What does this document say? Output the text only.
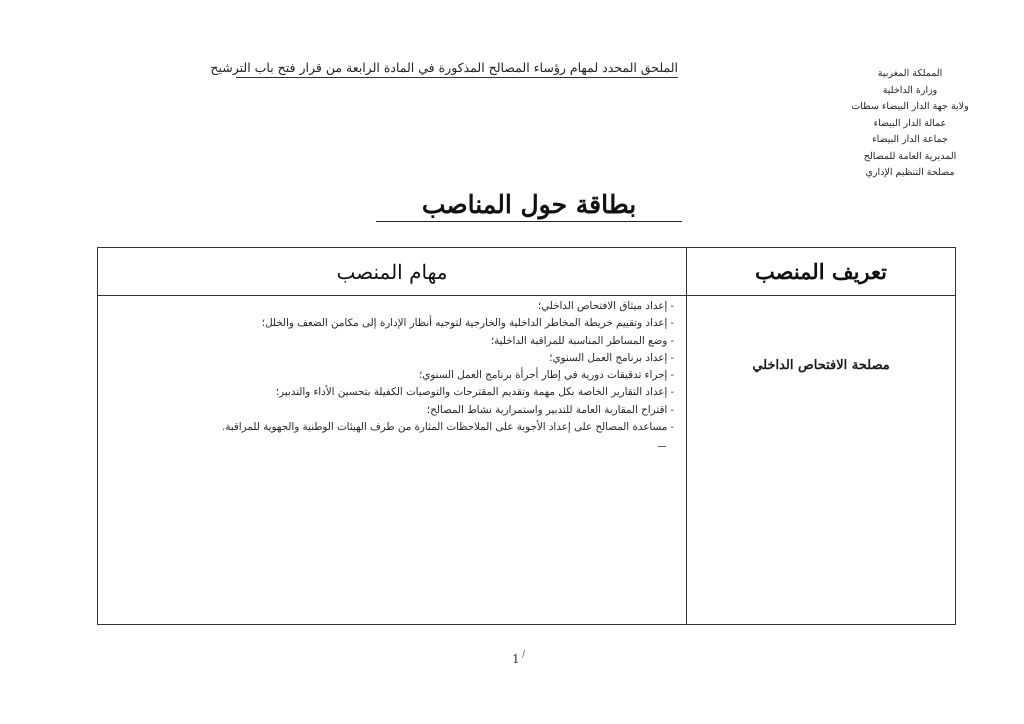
المملكة المغربية
وزارة الداخلية
ولاية جهة الدار البيضاء سطات
عمالة الدار البيضاء
جماعة الدار البيضاء
المديرية العامة للمصالح
مصلحة التنظيم الإداري
الملحق المحدد لمهام رؤساء المصالح المذكورة في المادة الرابعة من قرار فتح باب الترشيح
بطاقة حول المناصب
مهام المنصب	تعريف المنصب
مصلحة الافتحاص الداخلي
- إعداد ميثاق الافتحاص الداخلي؛
- إعداد وتقييم خريطة المخاطر الداخلية والخارجية لتوجيه أنظار الإدارة إلى مكامن الضعف والخلل؛
- وضع المساطر المناسبة للمراقبة الداخلية؛
- إعداد برنامج العمل السنوي؛
- إجراء تدقيقات دورية في إطار أجرأة برنامج العمل السنوي؛
- إعداد التقارير الخاصة بكل مهمة وتقديم المقترحات والتوصيات الكفيلة بتحسين الأداء والتدبير؛
- اقتراح المقاربة العامة للتدبير واستمرارية نشاط المصالح؛
- مساعدة المصالح على إعداد الأجوبة على الملاحظات المثارة من طرف الهيئات الوطنية والجهوية للمراقبة.
1 /
